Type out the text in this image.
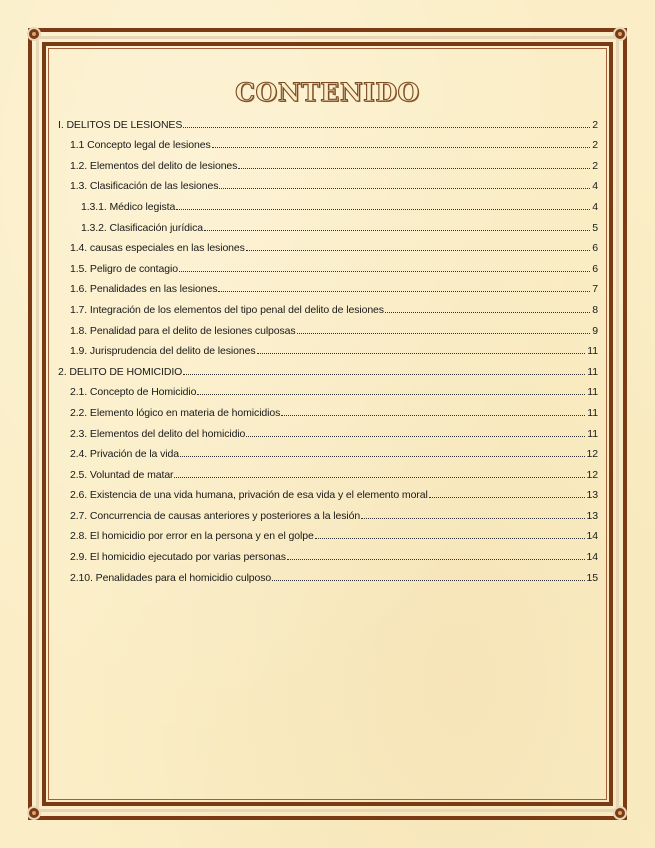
CONTENIDO
I. DELITOS DE LESIONES	2
1.1 Concepto legal de lesiones	2
1.2. Elementos del delito de lesiones	2
1.3. Clasificación de las lesiones	4
1.3.1. Médico legista	4
1.3.2. Clasificación jurídica	5
1.4. causas especiales en las lesiones	6
1.5. Peligro de contagio	6
1.6. Penalidades en las lesiones	7
1.7. Integración de los elementos del tipo penal del delito de lesiones	8
1.8. Penalidad para el delito de lesiones culposas	9
1.9. Jurisprudencia del delito de lesiones	11
2. DELITO DE HOMICIDIO	11
2.1. Concepto de Homicidio	11
2.2. Elemento lógico en materia de homicidios	11
2.3. Elementos del delito del homicidio	11
2.4. Privación de la vida	12
2.5. Voluntad de matar	12
2.6. Existencia de una vida humana, privación de esa vida y el elemento moral	13
2.7. Concurrencia de causas anteriores y posteriores a la lesión	13
2.8. El homicidio por error en la persona y en el golpe	14
2.9. El homicidio ejecutado por varias personas	14
2.10. Penalidades para el homicidio culposo	15
